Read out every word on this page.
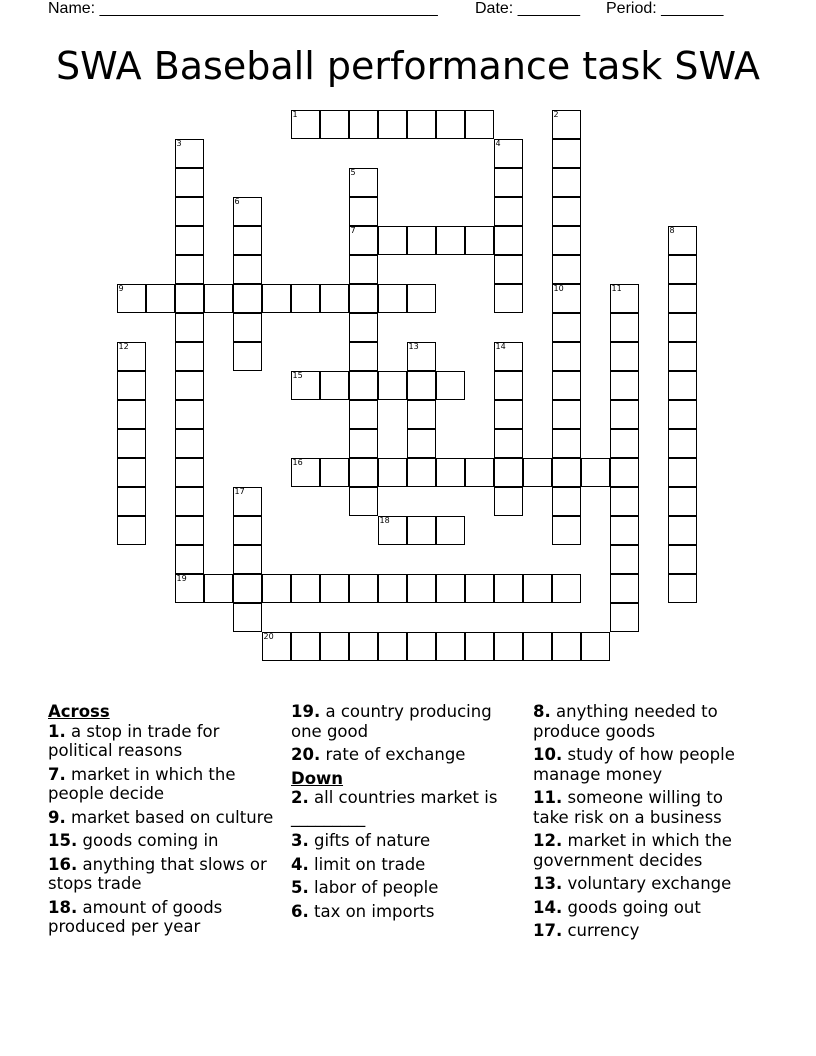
Name: ______________________________________ Date: _______ Period: _______
SWA Baseball performance task SWA
1
7
9
15
16
18
19
20
2
3	4
5
6
8
10	11
12	13	14
17

Across

1. a stop in trade for political reasons

7. market in which the people decide

9. market based on culture

15. goods coming in

16. anything that slows or stops trade

18. amount of goods produced per year

19. a country producing one good

20. rate of exchange

Down

2. all countries market is _________

3. gifts of nature

4. limit on trade

5. labor of people

6. tax on imports

8. anything needed to produce goods

10. study of how people manage money

11. someone willing to take risk on a business

12. market in which the government decides

13. voluntary exchange

14. goods going out

17. currency
